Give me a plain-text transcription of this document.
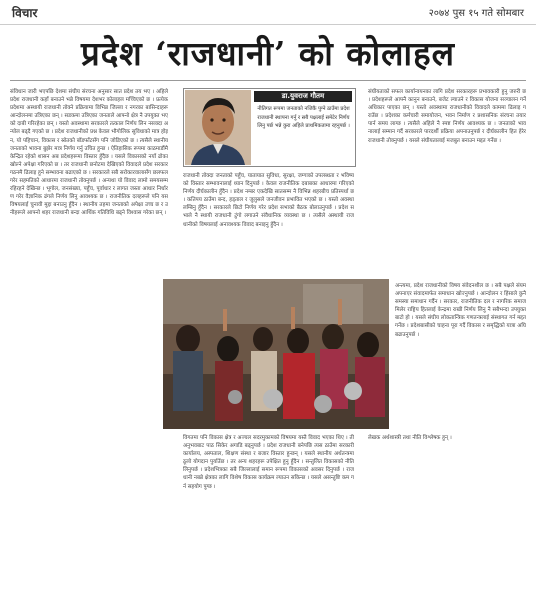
विचार	२०७४ पुस १५ गते सोमबार
प्रदेश ‘राजधानी’ को कोलाहल
डा.युवराज गौतम
नीतिगत रूपमा जनताको नजिकै पुग्ने ठाउँमा प्रदेश राजधानी स्थापना गर्नु र सबै पक्षलाई समेटेर निर्णय लिनु पर्छ भन्ने कुरा अहिले प्राथमिकतामा रहनुपर्छ ।

संविधान जारी भएपछि देशमा संघीय संरचना अनुसार सात प्रदेश तय भए । अहिले प्रदेश राजधानी कहाँ बनाउने भन्ने विषयमा देशभर कोलाहल मच्चिएको छ । प्रत्येक प्रदेशमा अस्थायी राजधानी तोक्ने प्रक्रियामा विभिन्न जिल्ला र नगरका बासिन्दाहरू आन्दोलनमा उत्रिएका छन् । सडकमा उत्रिएका जनताले आफ्नो क्षेत्र नै उपयुक्त भएको दाबी गरिरहेका छन् । यस्तो अवस्थामा सरकारले तत्काल निर्णय लिन नसक्दा अन्योल बढ्दै गएको छ । प्रदेश राजधानीको प्रश्न केवल भौगोलिक सुविधाको मात्र होइन, यो पहिचान, विकास र स्रोतको बाँडफाँटसँग पनि जोडिएको छ । त्यसैले स्थानीय जनताको भावना बुझेर मात्र निर्णय गर्नु उचित हुन्छ । ऐतिहासिक रूपमा काठमाडौंमै केन्द्रित रहेको शासन अब प्रदेशहरूमा विस्तार हुँदैछ । यसले विकासको नयाँ ढोका खोल्ने अपेक्षा गरिएको छ । तर राजधानी छनोटमा देखिएको विवादले प्रदेश सरकार गठनमै ढिलाइ हुने सम्भावना बढाएको छ । सरकारले सबै सरोकारवालासँग छलफल गरेर सहमतिको आधारमा राजधानी तोक्नुपर्छ । अन्यथा यो विवाद लामो समयसम्म रहिरहने देखिन्छ । भूगोल, जनसंख्या, पहुँच, पूर्वाधार र लागत जस्ता आधार निर्धारण गरेर वैज्ञानिक ढंगले निर्णय लिनु आवश्यक छ । राजनीतिक दलहरूले पनि यस विषयलाई चुनावी मुद्दा बनाउनु हुँदैन । स्थानीय तहमा जनताको अपेक्षा उच्च छ र उनीहरूले आफ्नो शहर राजधानी बन्दा आर्थिक गतिविधि बढ्ने विश्वास गरेका छन् ।

राजधानी तोक्दा जनताको पहुँच, यातायात सुविधा, सुरक्षा, जग्गाको उपलब्धता र भविष्यको विस्तार सम्भावनालाई ध्यान दिनुपर्छ । केवल राजनीतिक दबाबका आधारमा गरिएको निर्णय दीर्घकालीन हुँदैन । प्रदेश नम्बर एकदेखि सातसम्म नै विभिन्न शहरबीच प्रतिस्पर्धा छ । कतिपय ठाउँमा बन्द, हड्ताल र जुलुसले जनजीवन प्रभावित भएको छ । यस्तो अवस्था लम्बिनु हुँदैन । सरकारले छिटो निर्णय गरेर प्रदेश सभाको बैठक बोलाउनुपर्छ । प्रदेश सभाले नै स्थायी राजधानी टुंगो लगाउने संवैधानिक व्यवस्था छ । त्यसैले अस्थायी राजधानीको विषयलाई अनावश्यक विवाद बनाइनु हुँदैन ।

संघीयताको सफल कार्यान्वयनका लागि प्रदेश सरकारहरू प्रभावकारी हुनु जरुरी छ । प्रदेशहरूले आफ्नै कानुन बनाउने, बजेट ल्याउने र विकास योजना सञ्चालन गर्ने अधिकार पाएका छन् । यस्तो अवस्थामा राजधानीको विवादले काममा ढिलाइ गराउँछ । प्रदेशका कर्मचारी समायोजन, भवन निर्माण र प्रशासनिक संरचना तयार पार्न समय लाग्छ । त्यसैले अहिले नै स्पष्ट निर्णय आवश्यक छ । जनताको भावनालाई सम्मान गर्दै सरकारले पारदर्शी प्रक्रिया अपनाउनुपर्छ र दीर्घकालीन हित हेरेर राजधानी तोक्नुपर्छ । यसले संघीयतालाई मजबुत बनाउन मद्दत गर्नेछ ।

विगतमा पनि विकास क्षेत्र र अञ्चल सदरमुकामको विषयमा यस्तै विवाद भएका थिए । ती अनुभवबाट पाठ सिकेर अगाडि बढ्नुपर्छ । प्रदेश राजधानी बनेपछि त्यस ठाउँमा सरकारी कार्यालय, अस्पताल, शिक्षण संस्था र बजार विस्तार हुन्छन् । यसले स्थानीय अर्थतन्त्रमा ठूलो योगदान पुर्याउँछ । तर अन्य शहरहरू उपेक्षित हुनु हुँदैन । सन्तुलित विकासको नीति लिनुपर्छ । प्रदेशभित्रका सबै जिल्लालाई समान रूपमा विकासको अवसर दिनुपर्छ । राजधानी नबन्ने क्षेत्रका लागि विशेष विकास कार्यक्रम ल्याउन सकिन्छ । यसले असन्तुष्टि कम गर्न सहयोग पुग्छ ।

अन्त्यमा, प्रदेश राजधानीको विषय संवेदनशील छ । सबै पक्षले संयम अपनाएर संवादमार्फत समाधान खोज्नुपर्छ । आन्दोलन र हिंसाले कुनै समस्या समाधान गर्दैन । सरकार, राजनीतिक दल र नागरिक समाज मिलेर राष्ट्रिय हितलाई केन्द्रमा राखी निर्णय लिनु नै सबैभन्दा उपयुक्त बाटो हो । यसले संघीय लोकतान्त्रिक गणतन्त्रलाई संस्थागत गर्न मद्दत गर्नेछ । प्रदेशबासीको चाहना पूरा गर्दै विकास र समृद्धिको यात्रा अघि बढाउनुपर्छ ।

लेखक अर्थशास्त्री तथा नीति विश्लेषक हुन् ।
